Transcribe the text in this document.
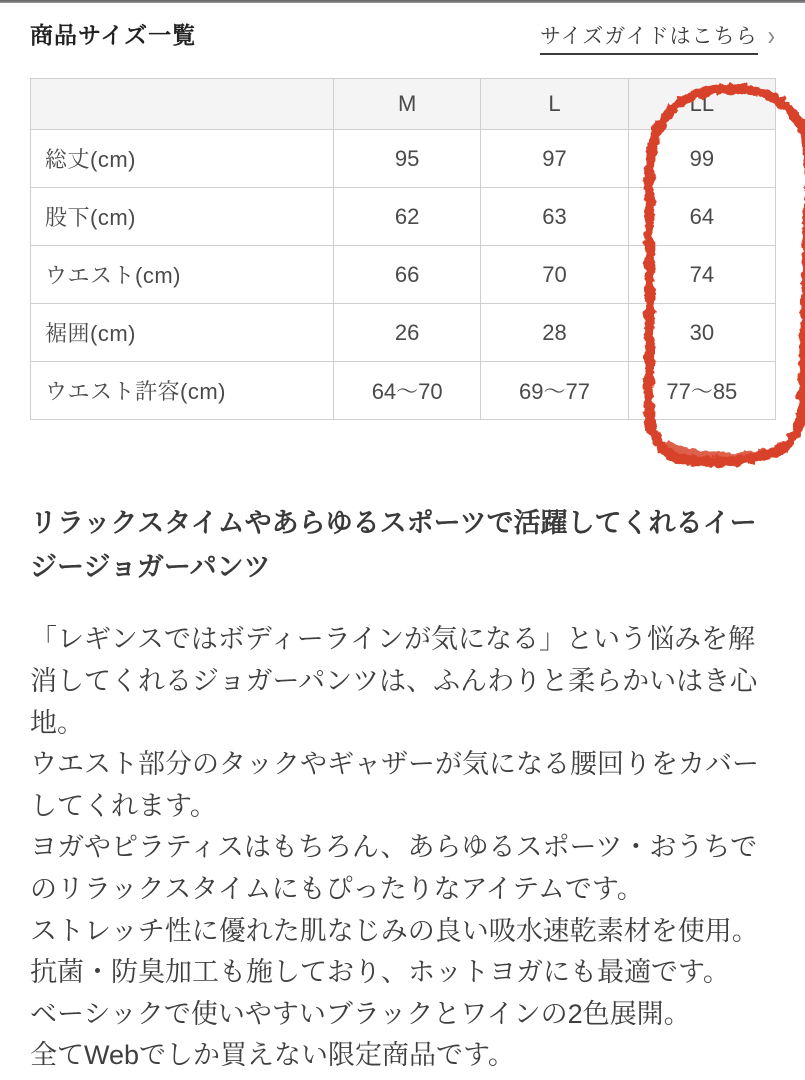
商品サイズ一覧	サイズガイドはこちら ›
	M	L	LL
総丈(cm)	95	97	99
股下(cm)	62	63	64
ウエスト(cm)	66	70	74
裾囲(cm)	26	28	30
ウエスト許容(cm)	64〜70	69〜77	77〜85
リラックスタイムやあらゆるスポーツで活躍してくれるイージージョガーパンツ

「レギンスではボディーラインが気になる」という悩みを解消してくれるジョガーパンツは、ふんわりと柔らかいはき心地。

ウエスト部分のタックやギャザーが気になる腰回りをカバーしてくれます。

ヨガやピラティスはもちろん、あらゆるスポーツ・おうちでのリラックスタイムにもぴったりなアイテムです。

ストレッチ性に優れた肌なじみの良い吸水速乾素材を使用。

抗菌・防臭加工も施しており、ホットヨガにも最適です。

ベーシックで使いやすいブラックとワインの2色展開。

全てWebでしか買えない限定商品です。
